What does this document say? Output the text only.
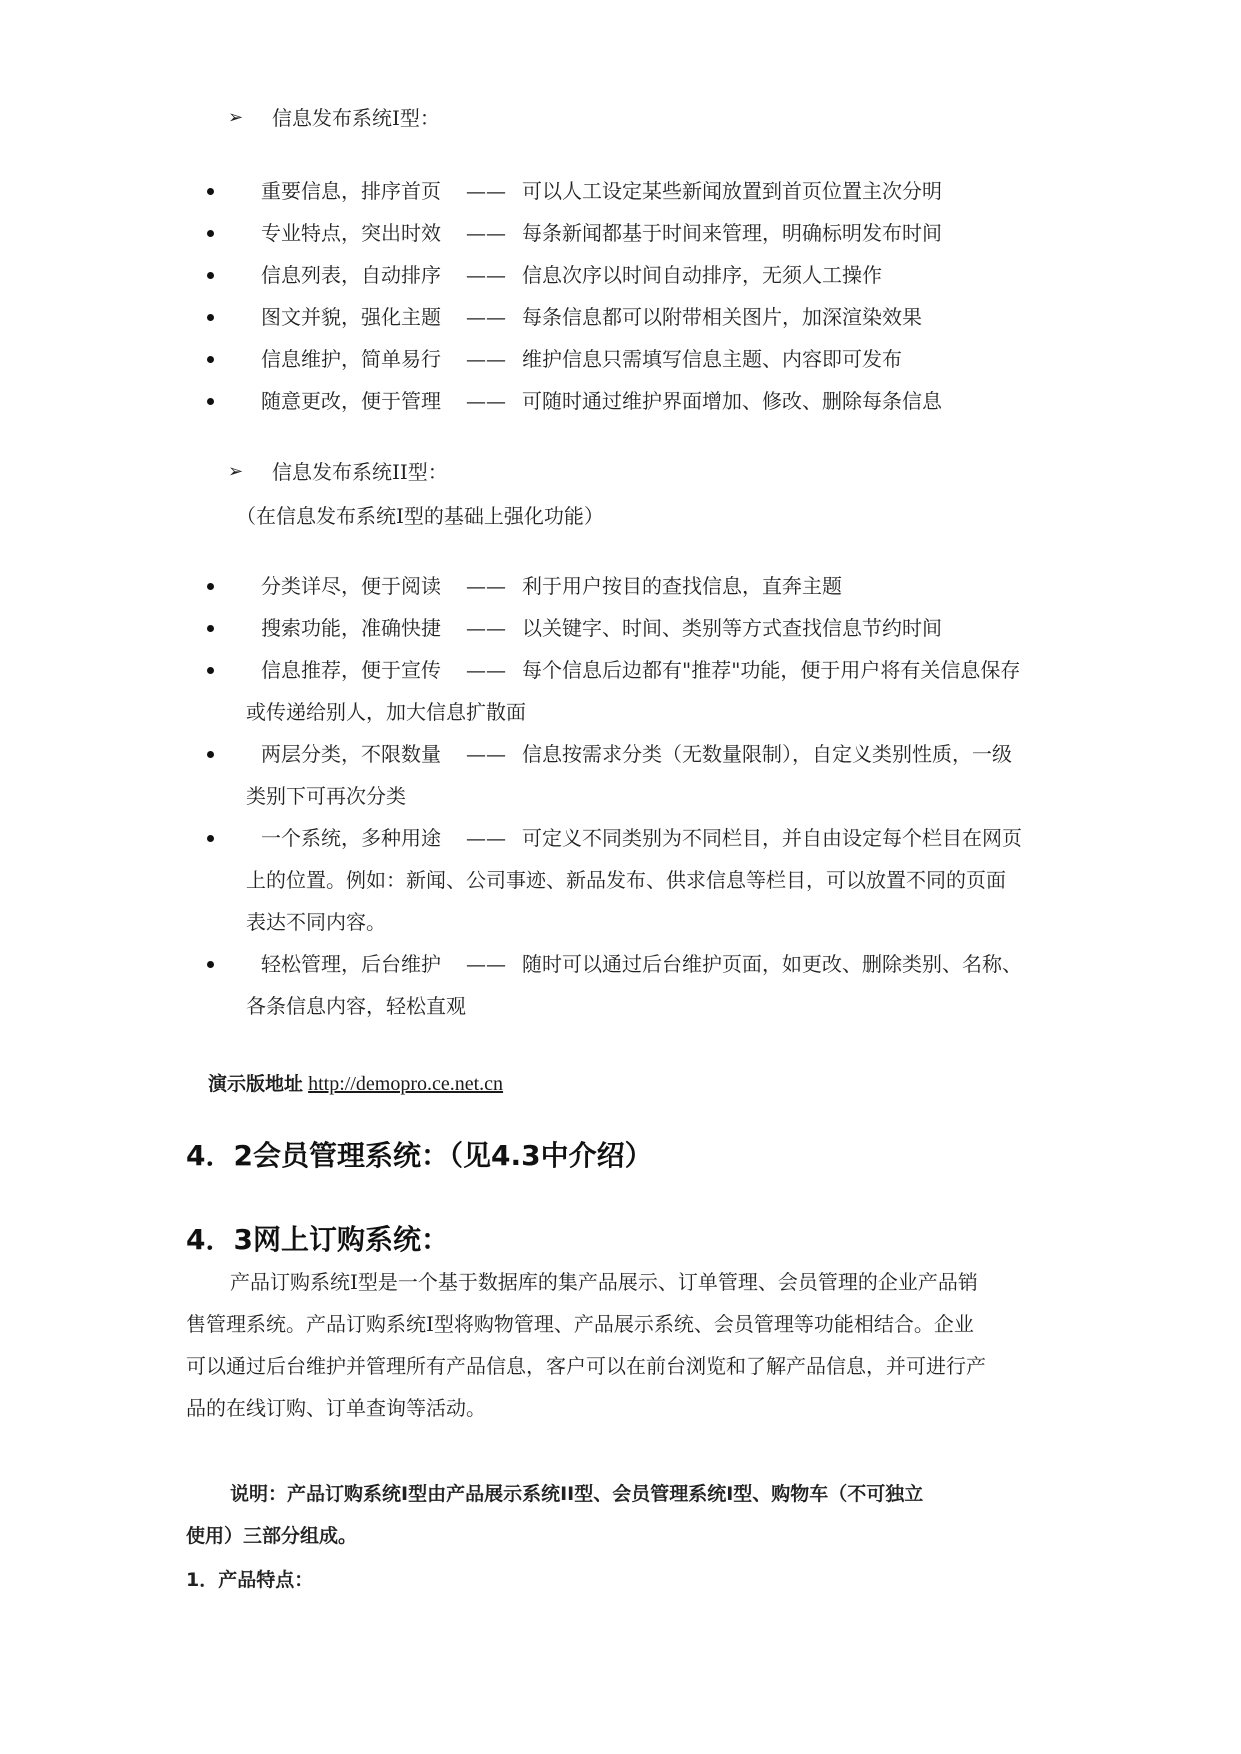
➢ 信息发布系统Ⅰ型：
重要信息，排序首页 —— 可以人工设定某些新闻放置到首页位置主次分明
专业特点，突出时效 —— 每条新闻都基于时间来管理，明确标明发布时间
信息列表，自动排序 —— 信息次序以时间自动排序，无须人工操作
图文并貌，强化主题 —— 每条信息都可以附带相关图片，加深渲染效果
信息维护，简单易行 —— 维护信息只需填写信息主题、内容即可发布
随意更改，便于管理 —— 可随时通过维护界面增加、修改、删除每条信息
➢ 信息发布系统II型：
（在信息发布系统Ⅰ型的基础上强化功能）
分类详尽，便于阅读 —— 利于用户按目的查找信息，直奔主题
搜索功能，准确快捷 —— 以关键字、时间、类别等方式查找信息节约时间
信息推荐，便于宣传 —— 每个信息后边都有"推荐"功能，便于用户将有关信息保存
或传递给别人，加大信息扩散面
两层分类，不限数量 —— 信息按需求分类（无数量限制），自定义类别性质，一级
类别下可再次分类
一个系统，多种用途 —— 可定义不同类别为不同栏目，并自由设定每个栏目在网页
上的位置。例如：新闻、公司事迹、新品发布、供求信息等栏目，可以放置不同的页面
表达不同内容。
轻松管理，后台维护 —— 随时可以通过后台维护页面，如更改、删除类别、名称、
各条信息内容，轻松直观
演示版地址 http://demopro.ce.net.cn
4．2会员管理系统：（见4.3中介绍）
4．3网上订购系统：
产品订购系统Ⅰ型是一个基于数据库的集产品展示、订单管理、会员管理的企业产品销
售管理系统。产品订购系统Ⅰ型将购物管理、产品展示系统、会员管理等功能相结合。企业
可以通过后台维护并管理所有产品信息，客户可以在前台浏览和了解产品信息，并可进行产
品的在线订购、订单查询等活动。
说明：产品订购系统Ⅰ型由产品展示系统II型、会员管理系统Ⅰ型、购物车（不可独立
使用）三部分组成。
1．产品特点：
